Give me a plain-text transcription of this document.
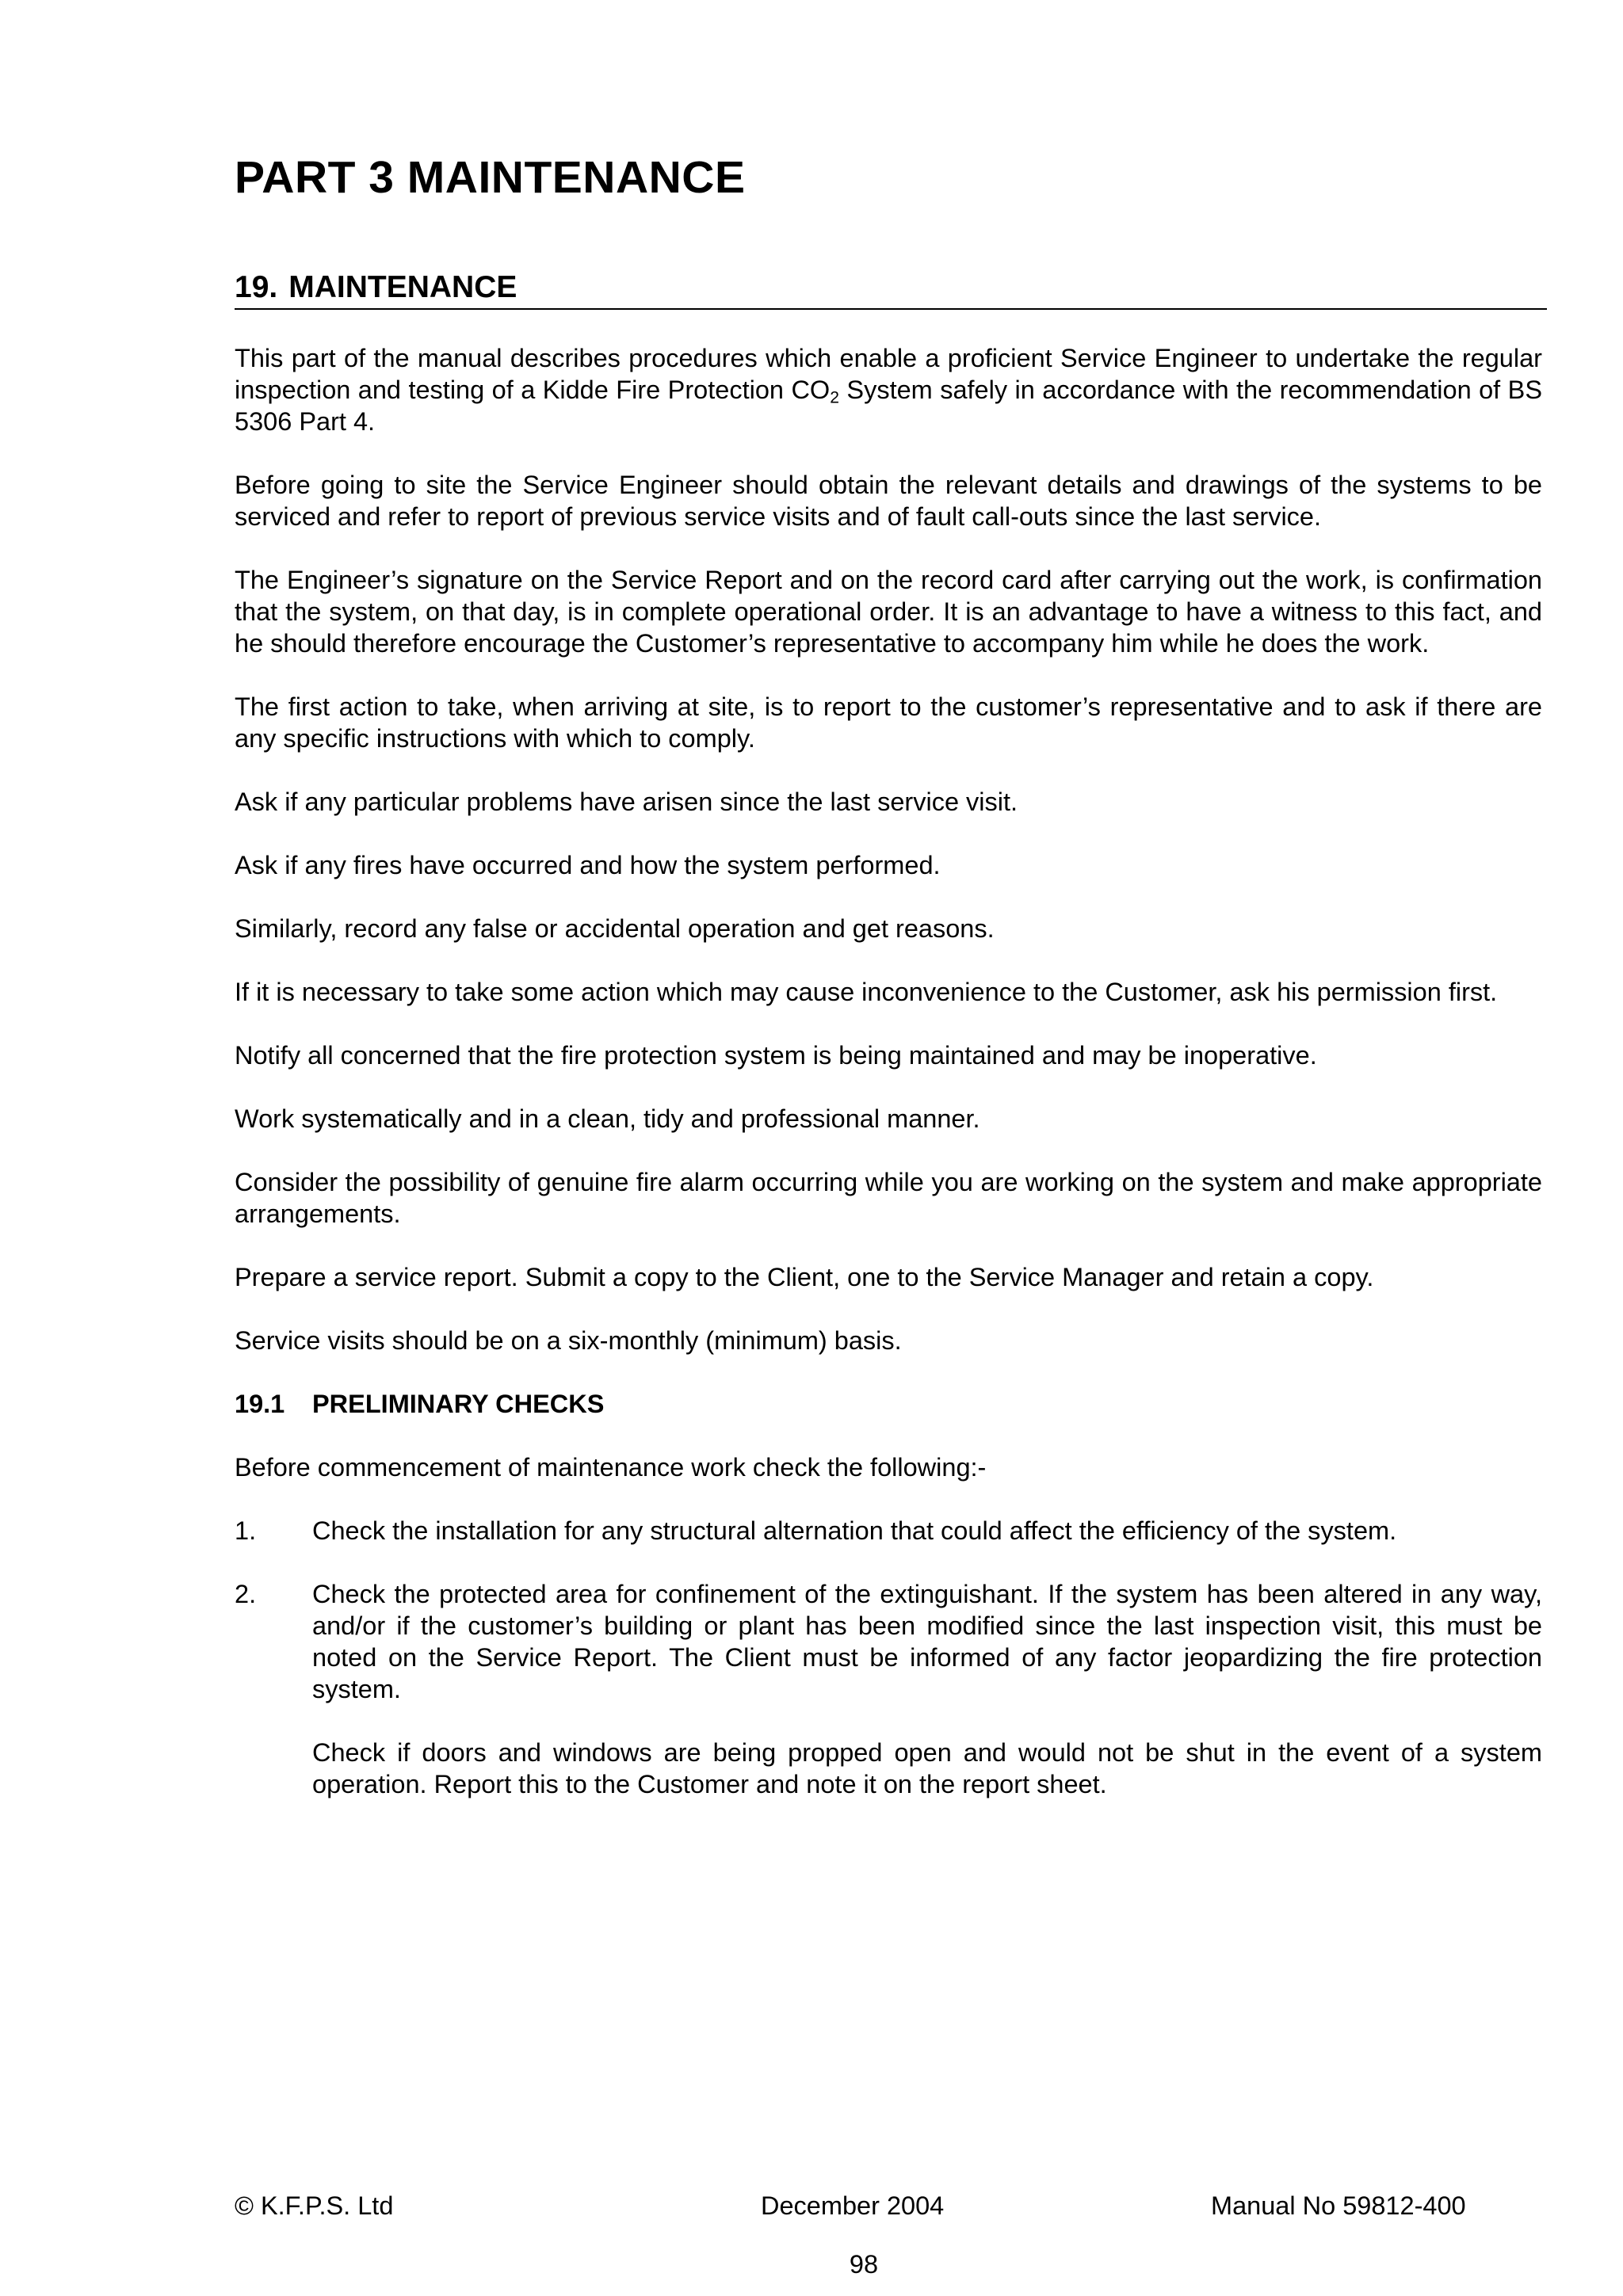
PART 3 MAINTENANCE
19. MAINTENANCE

This part of the manual describes procedures which enable a proficient Service Engineer to undertake the regular inspection and testing of a Kidde Fire Protection $CO_2$ System safely in accordance with the recommendation of BS 5306 Part 4.

Before going to site the Service Engineer should obtain the relevant details and drawings of the systems to be serviced and refer to report of previous service visits and of fault call-outs since the last service.

The Engineer’s signature on the Service Report and on the record card after carrying out the work, is confirmation that the system, on that day, is in complete operational order. It is an advantage to have a witness to this fact, and he should therefore encourage the Customer’s representative to accompany him while he does the work.

The first action to take, when arriving at site, is to report to the customer’s representative and to ask if there are any specific instructions with which to comply.

Ask if any particular problems have arisen since the last service visit.

Ask if any fires have occurred and how the system performed.

Similarly, record any false or accidental operation and get reasons.

If it is necessary to take some action which may cause inconvenience to the Customer, ask his permission first.

Notify all concerned that the fire protection system is being maintained and may be inoperative.

Work systematically and in a clean, tidy and professional manner.

Consider the possibility of genuine fire alarm occurring while you are working on the system and make appropriate arrangements.

Prepare a service report. Submit a copy to the Client, one to the Service Manager and retain a copy.

Service visits should be on a six-monthly (minimum) basis.

19.1 PRELIMINARY CHECKS

Before commencement of maintenance work check the following:-

1. Check the installation for any structural alternation that could affect the efficiency of the system.

2. Check the protected area for confinement of the extinguishant. If the system has been altered in any way, and/or if the customer’s building or plant has been modified since the last inspection visit, this must be noted on the Service Report. The Client must be informed of any factor jeopardizing the fire protection system.

Check if doors and windows are being propped open and would not be shut in the event of a system operation. Report this to the Customer and note it on the report sheet.

© K.F.P.S. Ltd	December 2004	Manual No 59812-400
98
